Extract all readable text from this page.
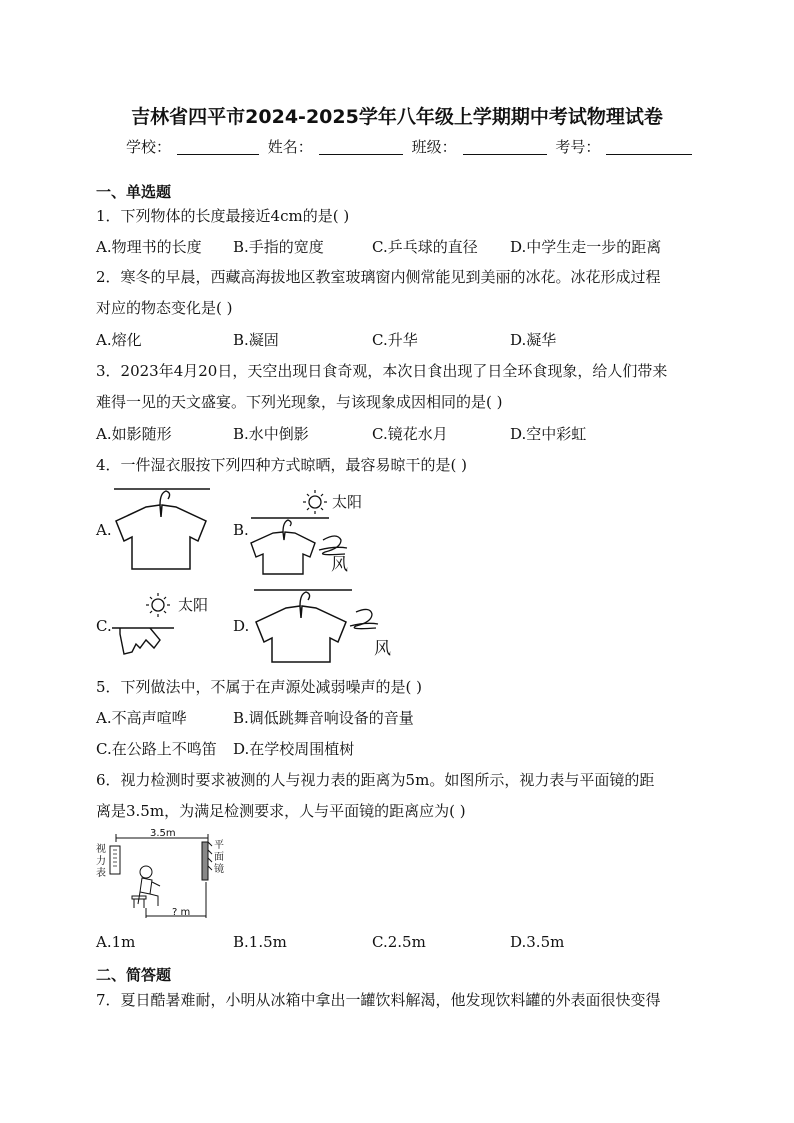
吉林省四平市2024-2025学年八年级上学期期中考试物理试卷
学校：	姓名：	班级：	考号：
一、单选题
1．下列物体的长度最接近4cm的是( )
A.物理书的长度 B.手指的宽度	C.乒乓球的直径 D.中学生走一步的距离
2．寒冬的早晨，西藏高海拔地区教室玻璃窗内侧常能见到美丽的冰花。冰花形成过程
对应的物态变化是( )
A.熔化	B.凝固	C.升华	D.凝华
3．2023年4月20日，天空出现日食奇观，本次日食出现了日全环食现象，给人们带来
难得一见的天文盛宴。下列光现象，与该现象成因相同的是( )
A.如影随形	B.水中倒影	C.镜花水月	D.空中彩虹
4．一件湿衣服按下列四种方式晾晒，最容易晾干的是( )
A.	B.
太阳
风
C.
太阳
D.
风
5．下列做法中，不属于在声源处减弱噪声的是( )
A.不高声喧哗	B.调低跳舞音响设备的音量
C.在公路上不鸣笛 D.在学校周围植树
6．视力检测时要求被测的人与视力表的距离为5m。如图所示，视力表与平面镜的距
离是3.5m，为满足检测要求，人与平面镜的距离应为( )
3.5m
视
力
表
平
面
镜
? m
A.1m	B.1.5m	C.2.5m	D.3.5m
二、简答题
7．夏日酷暑难耐，小明从冰箱中拿出一罐饮料解渴，他发现饮料罐的外表面很快变得
